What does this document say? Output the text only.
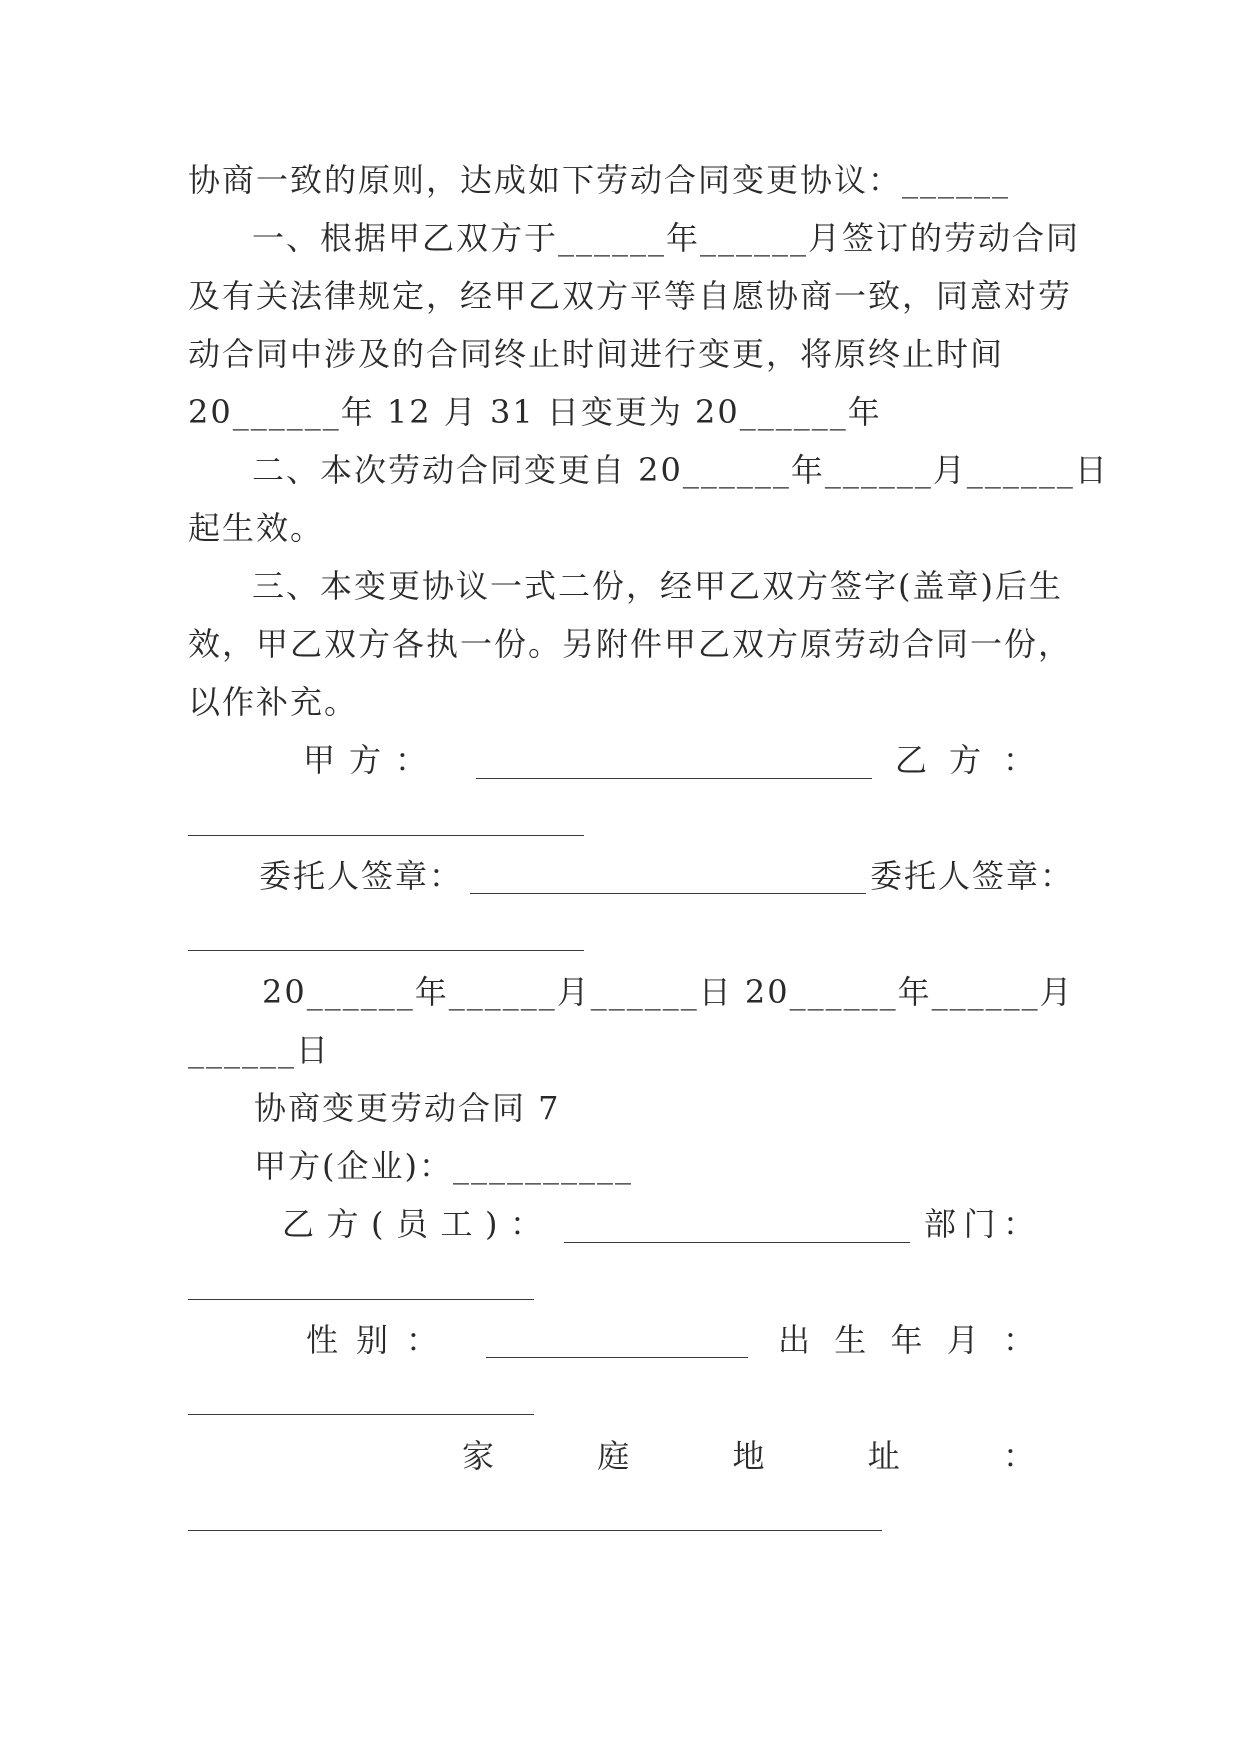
协商一致的原则，达成如下劳动合同变更协议：______
一、根据甲乙双方于______年______月签订的劳动合同
及有关法律规定，经甲乙双方平等自愿协商一致，同意对劳
动合同中涉及的合同终止时间进行变更，将原终止时间
20______年 12 月 31 日变更为 20______年
二、本次劳动合同变更自 20______年______月______日
起生效。
三、本变更协议一式二份，经甲乙双方签字(盖章)后生
效，甲乙双方各执一份。另附件甲乙双方原劳动合同一份，
以作补充。
甲 方 ：	乙 方 ：
委托人签章：	委托人签章：
20______年______月______日 20______年______月
______日
协商变更劳动合同 7
甲方(企业)：__________
乙 方 ( 员 工 ) ：	部 门 ：
性 别 ：	出 生 年 月 ：
家	庭	地	址	：
